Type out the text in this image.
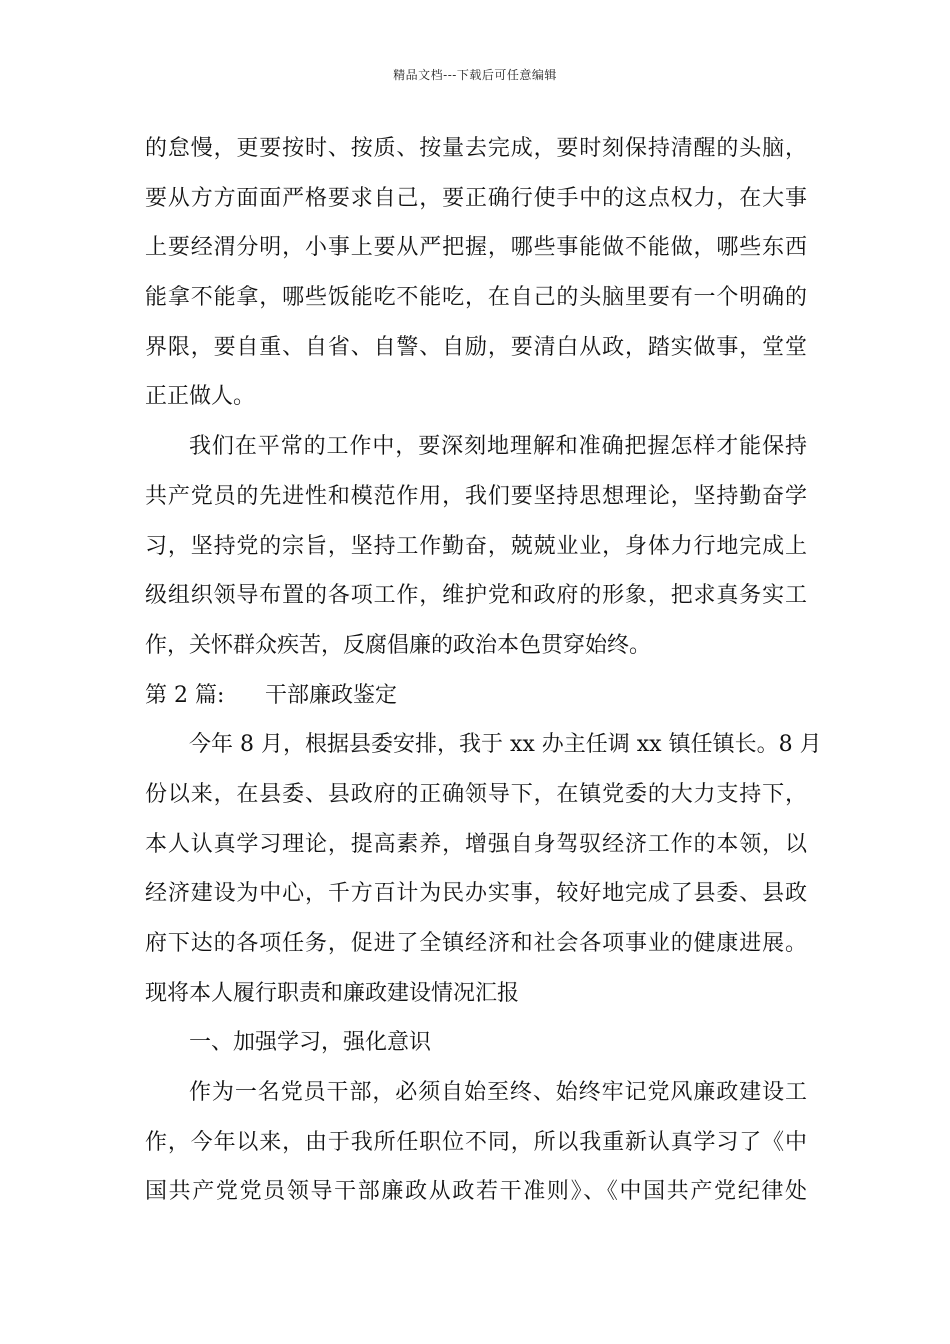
精品文档---下载后可任意编辑
的怠慢，更要按时、按质、按量去完成，要时刻保持清醒的头脑，
要从方方面面严格要求自己，要正确行使手中的这点权力，在大事
上要经渭分明，小事上要从严把握，哪些事能做不能做，哪些东西
能拿不能拿，哪些饭能吃不能吃，在自己的头脑里要有一个明确的
界限，要自重、自省、自警、自励，要清白从政，踏实做事，堂堂
正正做人。
我们在平常的工作中，要深刻地理解和准确把握怎样才能保持
共产党员的先进性和模范作用，我们要坚持思想理论，坚持勤奋学
习，坚持党的宗旨，坚持工作勤奋，兢兢业业，身体力行地完成上
级组织领导布置的各项工作，维护党和政府的形象，把求真务实工
作，关怀群众疾苦，反腐倡廉的政治本色贯穿始终。
第 2 篇: 干部廉政鉴定
今年 8 月，根据县委安排，我于 xx 办主任调 xx 镇任镇长。8 月
份以来，在县委、县政府的正确领导下，在镇党委的大力支持下，
本人认真学习理论，提高素养，增强自身驾驭经济工作的本领，以
经济建设为中心，千方百计为民办实事，较好地完成了县委、县政
府下达的各项任务，促进了全镇经济和社会各项事业的健康进展。
现将本人履行职责和廉政建设情况汇报
一、加强学习，强化意识
作为一名党员干部，必须自始至终、始终牢记党风廉政建设工
作，今年以来，由于我所任职位不同，所以我重新认真学习了《中
国共产党党员领导干部廉政从政若干准则》、《中国共产党纪律处
